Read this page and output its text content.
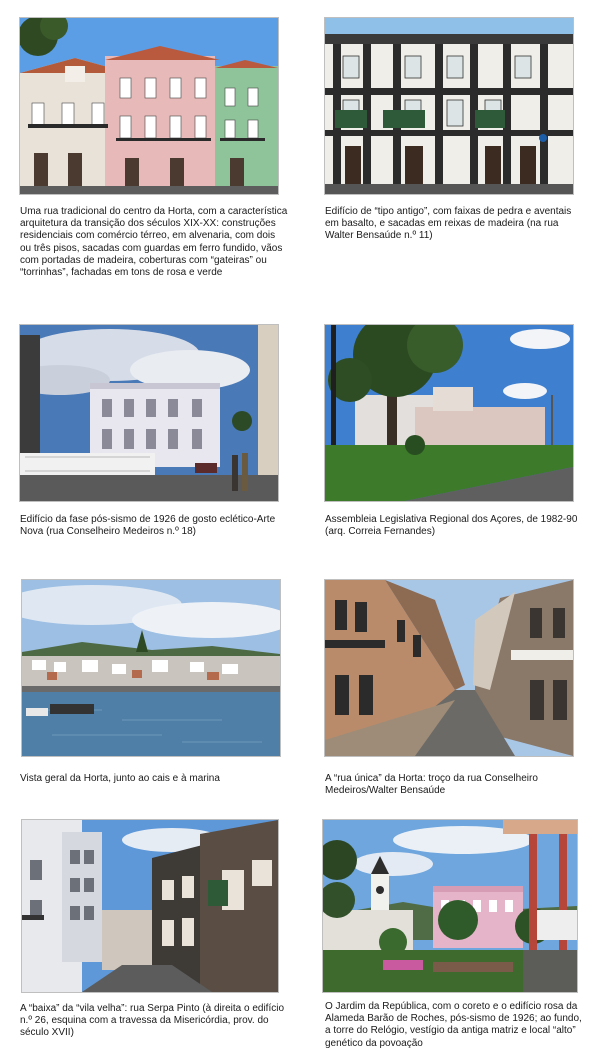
Uma rua tradicional do centro da Horta, com a característica arquitetura da transição dos séculos XIX-XX: construções residenciais com comércio térreo, em alvenaria, com dois ou três pisos, sacadas com guardas em ferro fundido, vãos com portadas de madeira, coberturas com “gateiras” ou “torrinhas”, fachadas em tons de rosa e verde

Edifício de “tipo antigo”, com faixas de pedra e aventais em basalto, e sacadas em reixas de madeira (na rua Walter Bensaúde n.º 11)

Edifício da fase pós-sismo de 1926 de gosto eclético-Arte Nova (rua Conselheiro Medeiros n.º 18)

Assembleia Legislativa Regional dos Açores, de 1982-90 (arq. Correia Fernandes)

Vista geral da Horta, junto ao cais e à marina	A “rua única” da Horta: troço da rua Conselheiro Medeiros/Walter Bensaúde

A “baixa” da “vila velha”: rua Serpa Pinto (à direita o edifício n.º 26, esquina com a travessa da Misericórdia, prov. do século XVII)

O Jardim da República, com o coreto e o edifício rosa da Alameda Barão de Roches, pós-sismo de 1926; ao fundo, a torre do Relógio, vestígio da antiga matriz e local “alto” genético da povoação
